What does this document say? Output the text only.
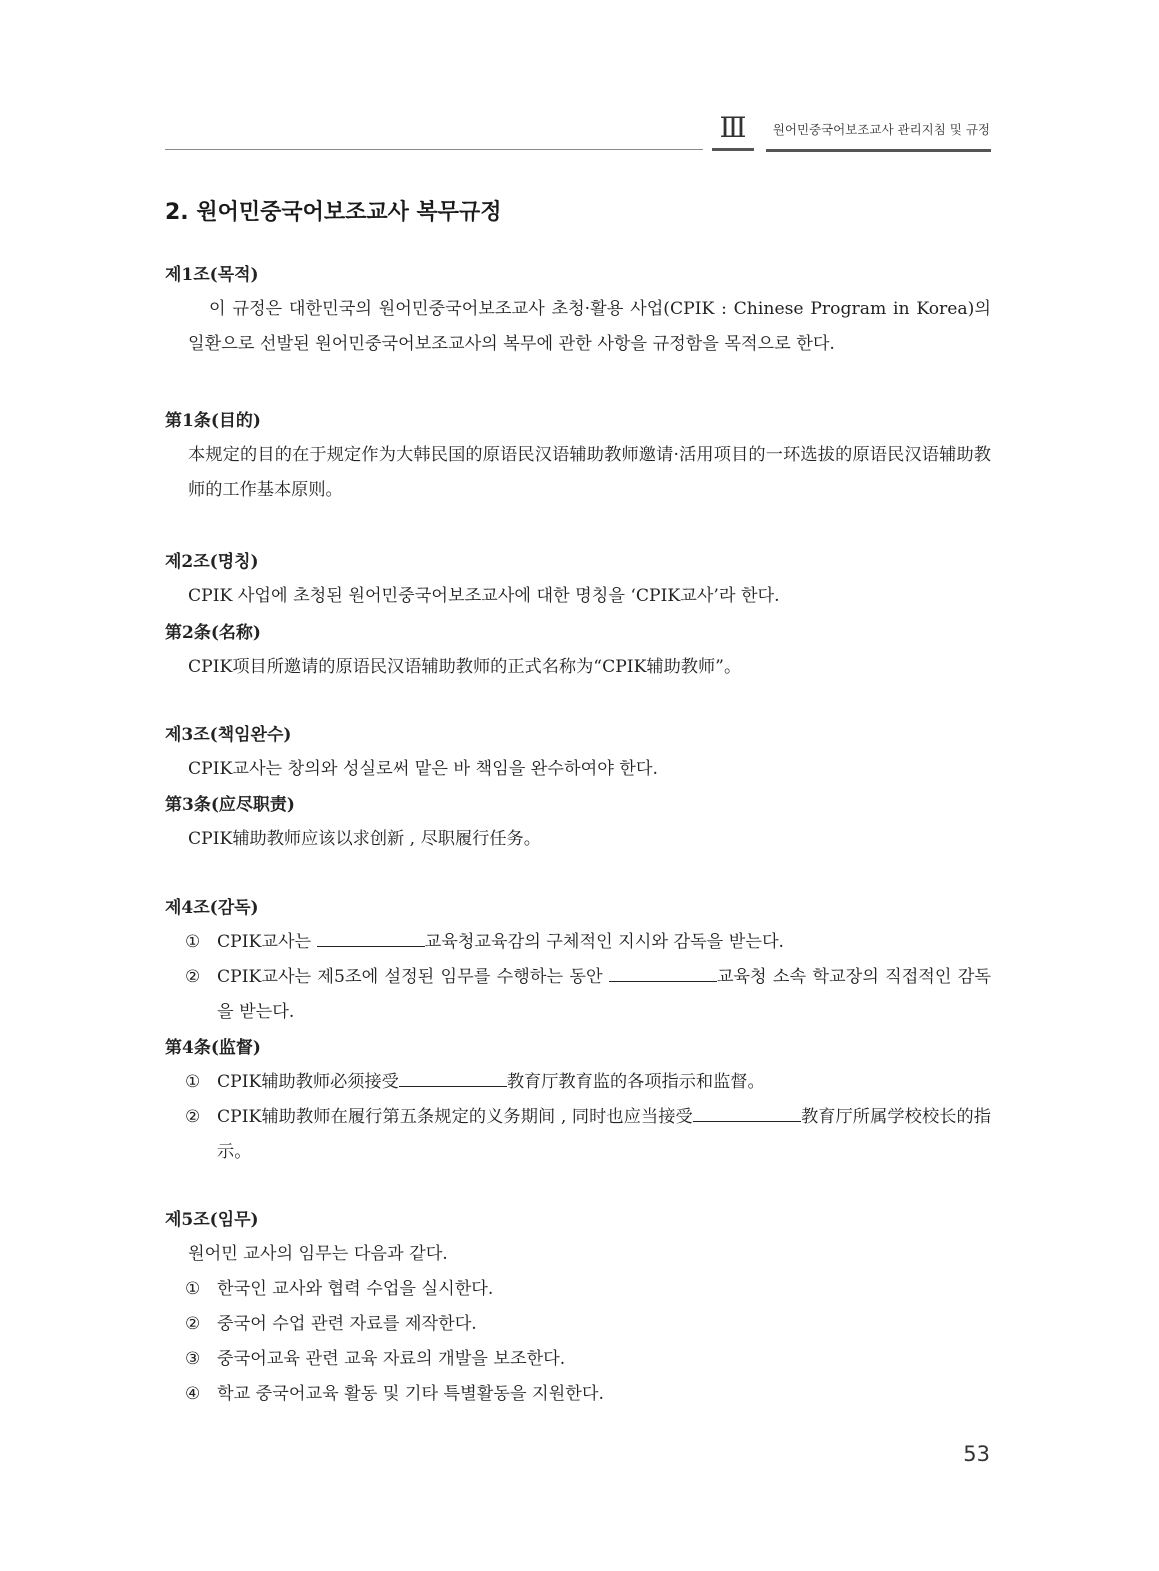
Ⅲ	원어민중국어보조교사 관리지침 및 규정
2. 원어민중국어보조교사 복무규정

제1조(목적)

이 규정은 대한민국의 원어민중국어보조교사 초청·활용 사업(CPIK : Chinese Program in Korea)의 일환으로 선발된 원어민중국어보조교사의 복무에 관한 사항을 규정함을 목적으로 한다.

第1条(目的)

本规定的目的在于规定作为大韩民国的原语民汉语辅助教师邀请·活用项目的一环选拔的原语民汉语辅助教师的工作基本原则。

제2조(명칭)

CPIK 사업에 초청된 원어민중국어보조교사에 대한 명칭을 ‘CPIK교사’라 한다.

第2条(名称)

CPIK项目所邀请的原语民汉语辅助教师的正式名称为“CPIK辅助教师”。

제3조(책임완수)

CPIK교사는 창의와 성실로써 맡은 바 책임을 완수하여야 한다.

第3条(应尽职责)

CPIK辅助教师应该以求创新 , 尽职履行任务。

제4조(감독)

① CPIK교사는	교육청교육감의 구체적인 지시와 감독을 받는다.

② CPIK교사는 제5조에 설정된 임무를 수행하는 동안	교육청 소속 학교장의 직접적인 감독을 받는다.

第4条(监督)

① CPIK辅助教师必须接受	教育厅教育监的各项指示和监督。

② CPIK辅助教师在履行第五条规定的义务期间 , 同时也应当接受	教育厅所属学校校长的指示。

제5조(임무)

원어민 교사의 임무는 다음과 같다.

① 한국인 교사와 협력 수업을 실시한다.

② 중국어 수업 관련 자료를 제작한다.

③ 중국어교육 관련 교육 자료의 개발을 보조한다.

④ 학교 중국어교육 활동 및 기타 특별활동을 지원한다.

53
